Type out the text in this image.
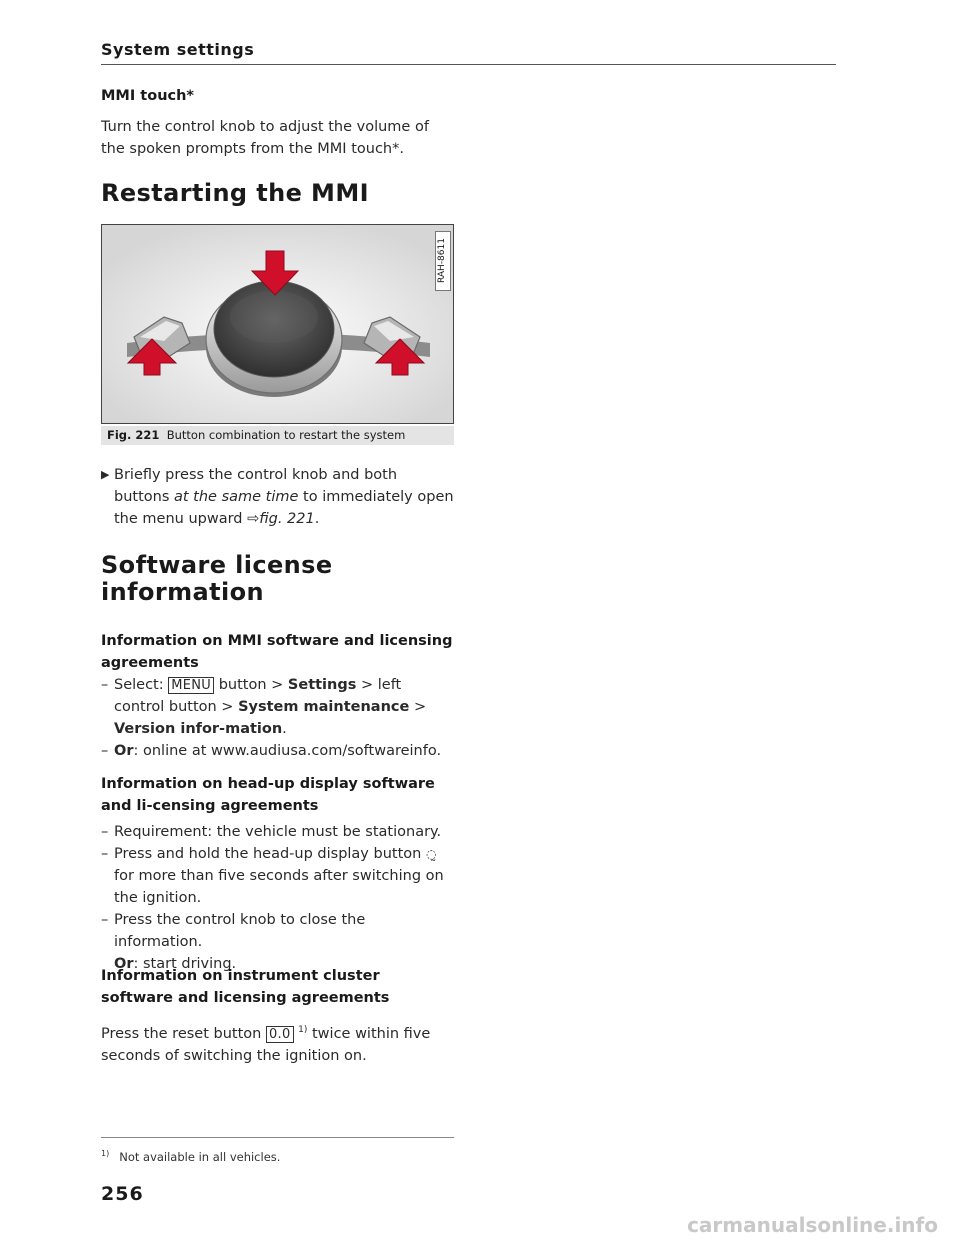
System settings

MMI touch*

Turn the control knob to adjust the volume of the spoken prompts from the MMI touch*.

Restarting the MMI

RAH-8611
Fig. 221 Button combination to restart the system

▶ Briefly press the control knob and both buttons at the same time to immediately open the menu upward ⇨fig. 221.

Software license

information

Information on MMI software and licensing agreements

– Select: MENU button > Settings > left control button > System maintenance > Version infor-mation.

– Or: online at www.audiusa.com/softwareinfo.

Information on head-up display software and li-censing agreements

– Requirement: the vehicle must be stationary.

– Press and hold the head-up display button ◌̰ for more than five seconds after switching on the ignition.

– Press the control knob to close the information.
Or: start driving.

Information on instrument cluster software and licensing agreements

Press the reset button 0.0 $^{1)}$ twice within five seconds of switching the ignition on.

$^{1)}$ Not available in all vehicles.
256
carmanualsonline.info
